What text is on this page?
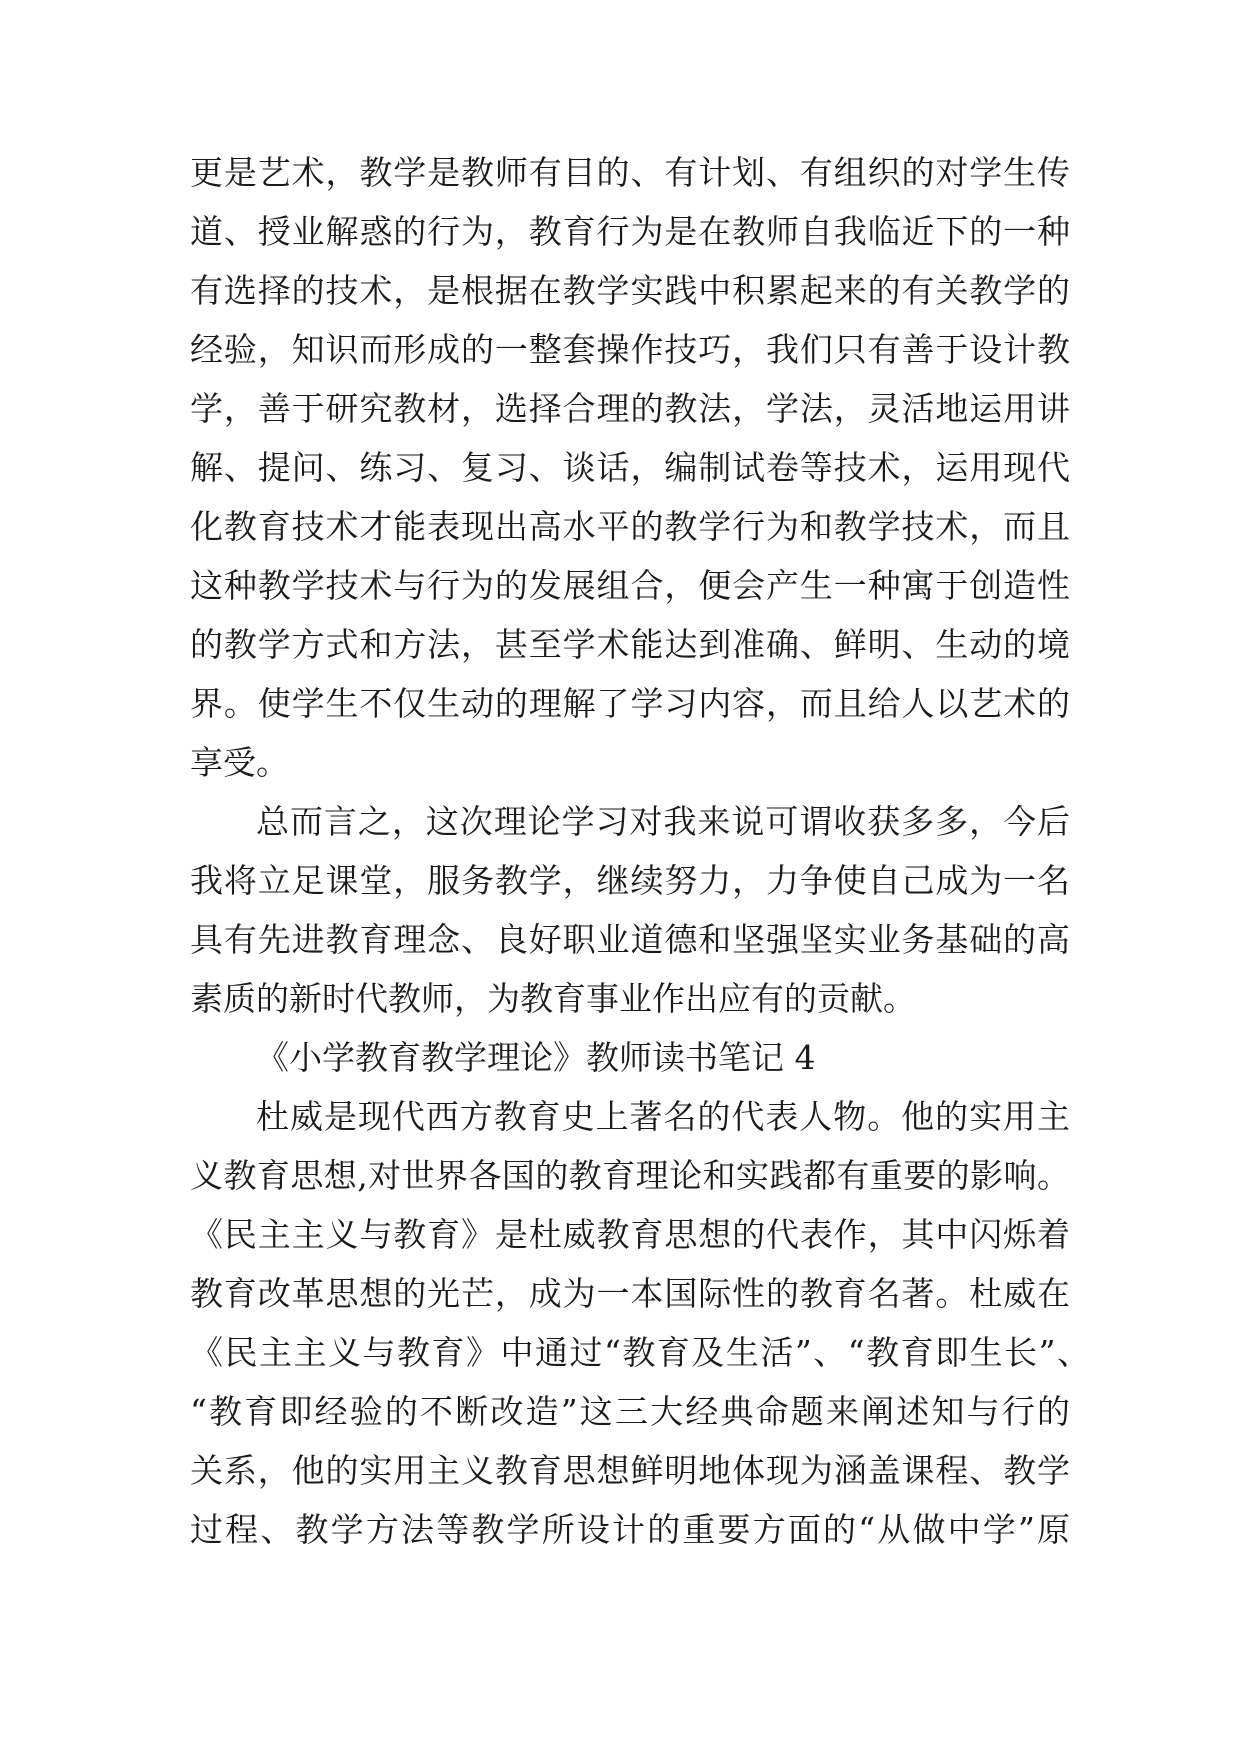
更是艺术，教学是教师有目的、有计划、有组织的对学生传
道、授业解惑的行为，教育行为是在教师自我临近下的一种
有选择的技术，是根据在教学实践中积累起来的有关教学的
经验，知识而形成的一整套操作技巧，我们只有善于设计教
学，善于研究教材，选择合理的教法，学法，灵活地运用讲
解、提问、练习、复习、谈话，编制试卷等技术，运用现代
化教育技术才能表现出高水平的教学行为和教学技术，而且
这种教学技术与行为的发展组合，便会产生一种寓于创造性
的教学方式和方法，甚至学术能达到准确、鲜明、生动的境
界。使学生不仅生动的理解了学习内容，而且给人以艺术的
享受。
总而言之，这次理论学习对我来说可谓收获多多，今后
我将立足课堂，服务教学，继续努力，力争使自己成为一名
具有先进教育理念、良好职业道德和坚强坚实业务基础的高
素质的新时代教师，为教育事业作出应有的贡献。
《小学教育教学理论》教师读书笔记 4
杜威是现代西方教育史上著名的代表人物。他的实用主
义教育思想,对世界各国的教育理论和实践都有重要的影响。
《民主主义与教育》是杜威教育思想的代表作，其中闪烁着
教育改革思想的光芒，成为一本国际性的教育名著。杜威在
《民主主义与教育》中通过“教育及生活”、“教育即生长”、
“教育即经验的不断改造”这三大经典命题来阐述知与行的
关系，他的实用主义教育思想鲜明地体现为涵盖课程、教学
过程、教学方法等教学所设计的重要方面的“从做中学”原
